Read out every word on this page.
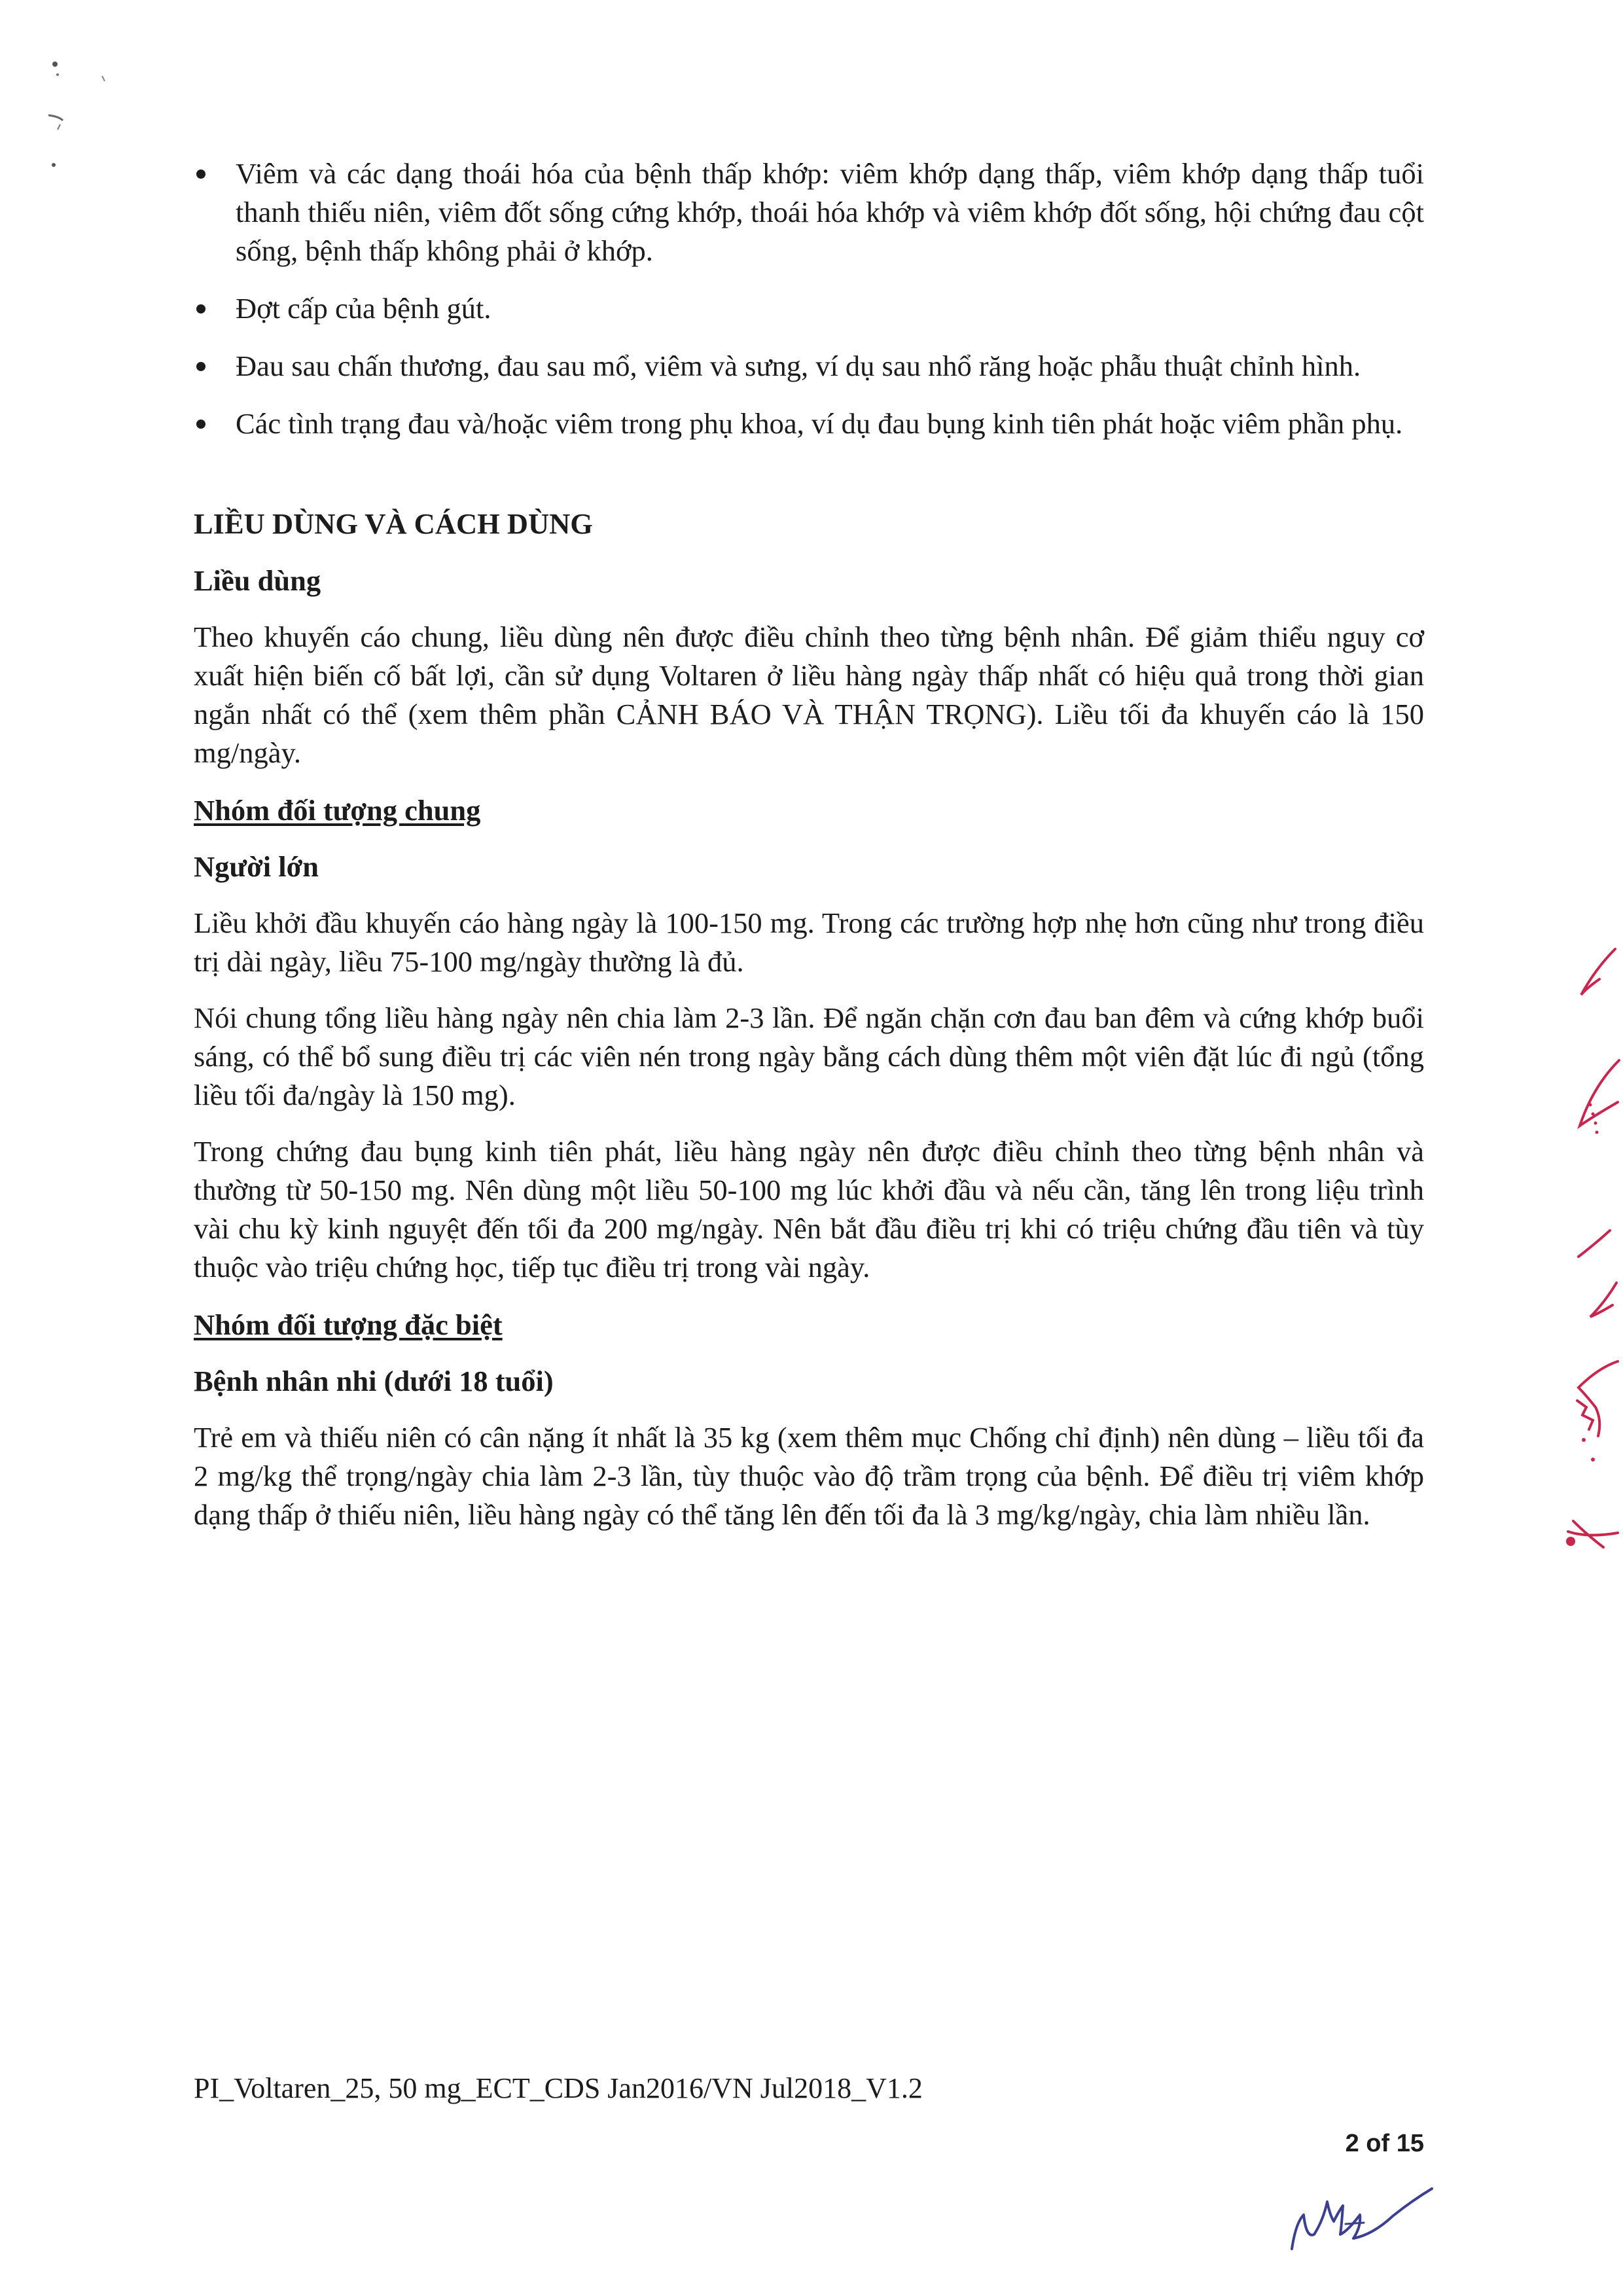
Viêm và các dạng thoái hóa của bệnh thấp khớp: viêm khớp dạng thấp, viêm khớp dạng thấp tuổi thanh thiếu niên, viêm đốt sống cứng khớp, thoái hóa khớp và viêm khớp đốt sống, hội chứng đau cột sống, bệnh thấp không phải ở khớp.
Đợt cấp của bệnh gút.
Đau sau chấn thương, đau sau mổ, viêm và sưng, ví dụ sau nhổ răng hoặc phẫu thuật chỉnh hình.
Các tình trạng đau và/hoặc viêm trong phụ khoa, ví dụ đau bụng kinh tiên phát hoặc viêm phần phụ.
LIỀU DÙNG VÀ CÁCH DÙNG
Liều dùng

Theo khuyến cáo chung, liều dùng nên được điều chỉnh theo từng bệnh nhân. Để giảm thiểu nguy cơ xuất hiện biến cố bất lợi, cần sử dụng Voltaren ở liều hàng ngày thấp nhất có hiệu quả trong thời gian ngắn nhất có thể (xem thêm phần CẢNH BÁO VÀ THẬN TRỌNG). Liều tối đa khuyến cáo là 150 mg/ngày.

Nhóm đối tượng chung
Người lớn

Liều khởi đầu khuyến cáo hàng ngày là 100-150 mg. Trong các trường hợp nhẹ hơn cũng như trong điều trị dài ngày, liều 75-100 mg/ngày thường là đủ.

Nói chung tổng liều hàng ngày nên chia làm 2-3 lần. Để ngăn chặn cơn đau ban đêm và cứng khớp buổi sáng, có thể bổ sung điều trị các viên nén trong ngày bằng cách dùng thêm một viên đặt lúc đi ngủ (tổng liều tối đa/ngày là 150 mg).

Trong chứng đau bụng kinh tiên phát, liều hàng ngày nên được điều chỉnh theo từng bệnh nhân và thường từ 50-150 mg. Nên dùng một liều 50-100 mg lúc khởi đầu và nếu cần, tăng lên trong liệu trình vài chu kỳ kinh nguyệt đến tối đa 200 mg/ngày. Nên bắt đầu điều trị khi có triệu chứng đầu tiên và tùy thuộc vào triệu chứng học, tiếp tục điều trị trong vài ngày.

Nhóm đối tượng đặc biệt
Bệnh nhân nhi (dưới 18 tuổi)

Trẻ em và thiếu niên có cân nặng ít nhất là 35 kg (xem thêm mục Chống chỉ định) nên dùng – liều tối đa 2 mg/kg thể trọng/ngày chia làm 2-3 lần, tùy thuộc vào độ trầm trọng của bệnh. Để điều trị viêm khớp dạng thấp ở thiếu niên, liều hàng ngày có thể tăng lên đến tối đa là 3 mg/kg/ngày, chia làm nhiều lần.

PI_Voltaren_25, 50 mg_ECT_CDS Jan2016/VN Jul2018_V1.2
2 of 15
